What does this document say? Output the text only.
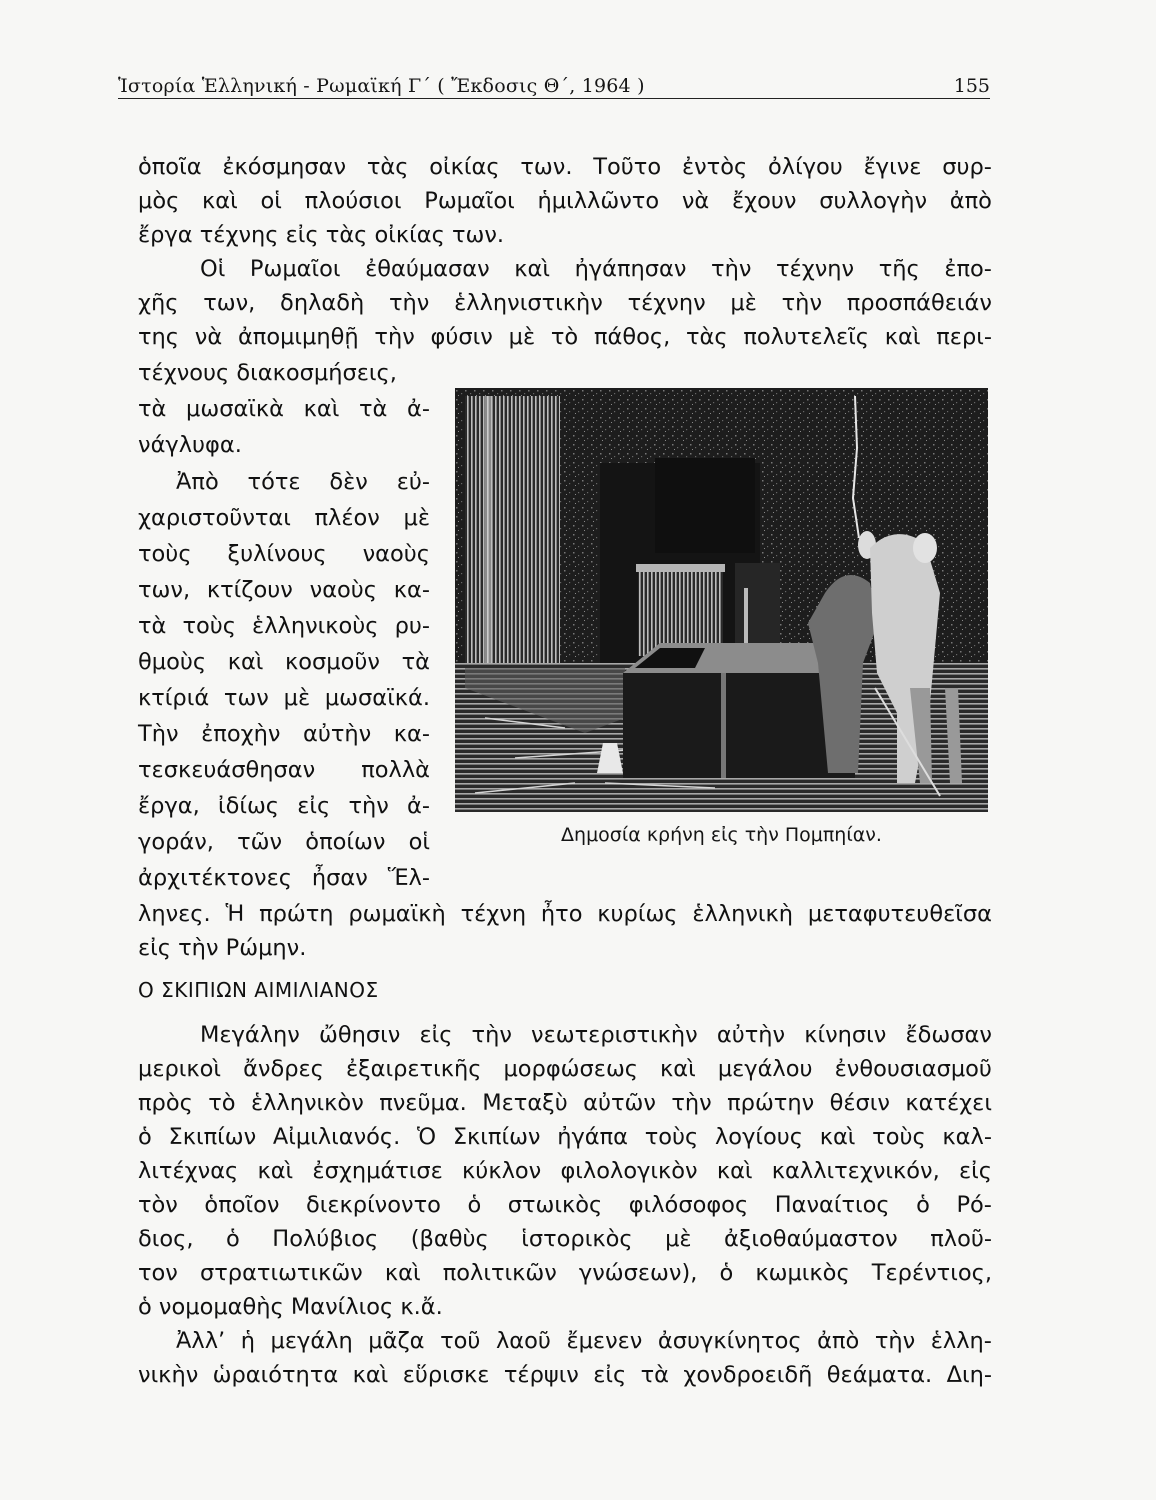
Ἱστορία Ἑλληνική - Ρωμαϊκή Γ´ ( Ἔκδοσις Θ´, 1964 )	155
ὁποῖα ἐκόσμησαν τὰς οἰκίας των. Τοῦτο ἐντὸς ὀλίγου ἔγινε συρ-
μὸς καὶ οἱ πλούσιοι Ρωμαῖοι ἡμιλλῶντο νὰ ἔχουν συλλογὴν ἀπὸ
ἔργα τέχνης εἰς τὰς οἰκίας των.
Οἱ Ρωμαῖοι ἐθαύμασαν καὶ ἠγάπησαν τὴν τέχνην τῆς ἐπο-
χῆς των, δηλαδὴ τὴν ἑλληνιστικὴν τέχνην μὲ τὴν προσπάθειάν
της νὰ ἀπομιμηθῇ τὴν φύσιν μὲ τὸ πάθος, τὰς πολυτελεῖς καὶ περι-
τέχνους διακοσμήσεις,
τὰ μωσαϊκὰ καὶ τὰ ἀ-
νάγλυφα.
Ἀπὸ τότε δὲν εὐ-
χαριστοῦνται πλέον μὲ
τοὺς ξυλίνους ναοὺς
των, κτίζουν ναοὺς κα-
τὰ τοὺς ἑλληνικοὺς ρυ-
θμοὺς καὶ κοσμοῦν τὰ
κτίριά των μὲ μωσαϊκά.
Τὴν ἐποχὴν αὐτὴν κα-
τεσκευάσθησαν πολλὰ
ἔργα, ἰδίως εἰς τὴν ἀ-
γοράν, τῶν ὁποίων οἱ
ἀρχιτέκτονες ἦσαν Ἕλ-
ληνες. Ἡ πρώτη ρωμαϊκὴ τέχνη ἦτο κυρίως ἑλληνικὴ μεταφυτευθεῖσα
εἰς τὴν Ρώμην.
Ο ΣΚΙΠΙΩΝ ΑΙΜΙΛΙΑΝΟΣ
Μεγάλην ὤθησιν εἰς τὴν νεωτεριστικὴν αὐτὴν κίνησιν ἔδωσαν
μερικοὶ ἄνδρες ἐξαιρετικῆς μορφώσεως καὶ μεγάλου ἐνθουσιασμοῦ
πρὸς τὸ ἑλληνικὸν πνεῦμα. Μεταξὺ αὐτῶν τὴν πρώτην θέσιν κατέχει
ὁ Σκιπίων Αἰμιλιανός. Ὁ Σκιπίων ἠγάπα τοὺς λογίους καὶ τοὺς καλ-
λιτέχνας καὶ ἐσχημάτισε κύκλον φιλολογικὸν καὶ καλλιτεχνικόν, εἰς
τὸν ὁποῖον διεκρίνοντο ὁ στωικὸς φιλόσοφος Παναίτιος ὁ Ρό-
διος, ὁ Πολύβιος (βαθὺς ἱστορικὸς μὲ ἀξιοθαύμαστον πλοῦ-
τον στρατιωτικῶν καὶ πολιτικῶν γνώσεων), ὁ κωμικὸς Τερέντιος,
ὁ νομομαθὴς Μανίλιος κ.ἄ.
Ἀλλ’ ἡ μεγάλη μᾶζα τοῦ λαοῦ ἔμενεν ἀσυγκίνητος ἀπὸ τὴν ἑλλη-
νικὴν ὡραιότητα καὶ εὕρισκε τέρψιν εἰς τὰ χονδροειδῆ θεάματα. Διη-
Δημοσία κρήνη εἰς τὴν Πομπηίαν.
